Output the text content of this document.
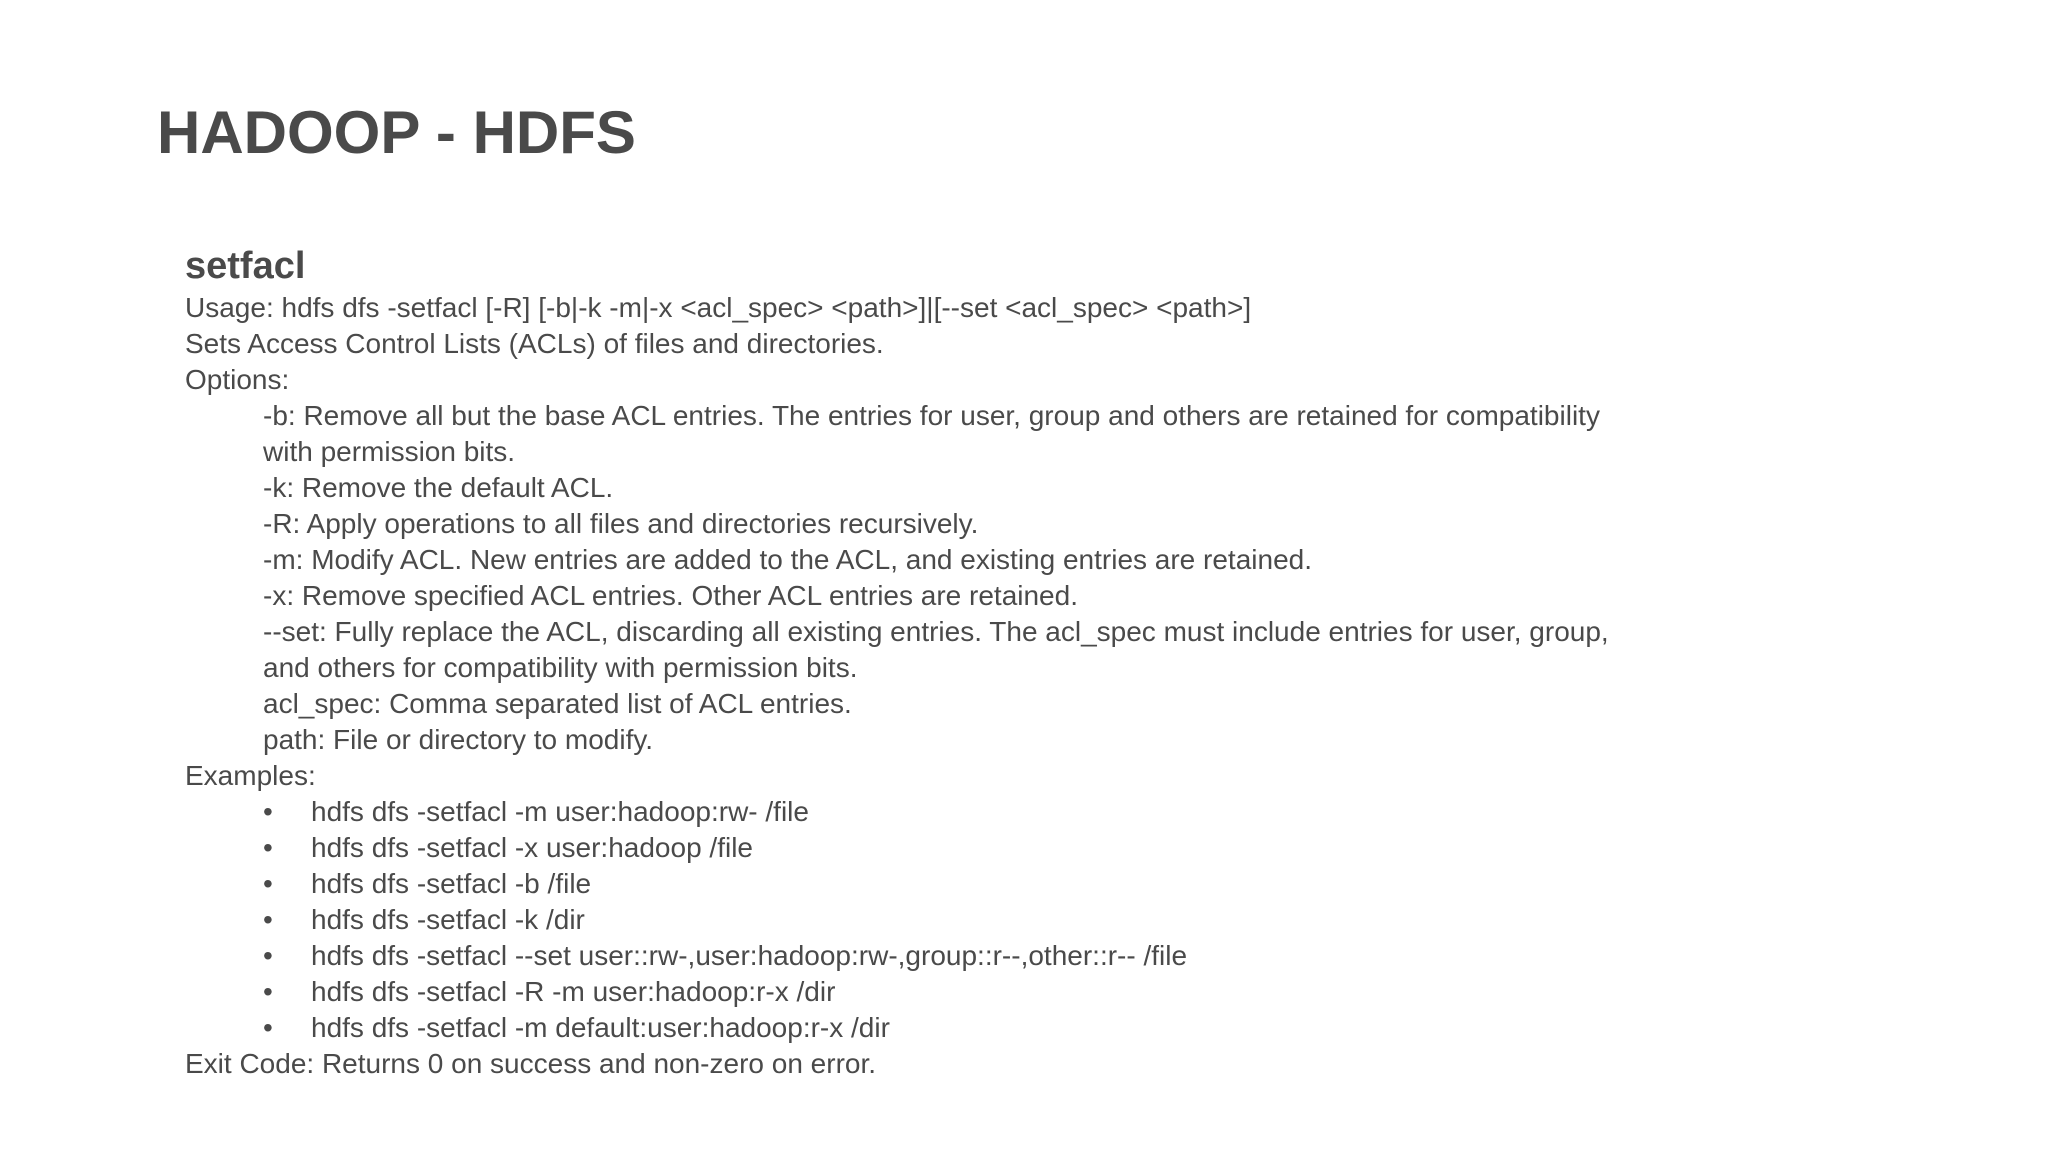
HADOOP - HDFS
setfacl
Usage: hdfs dfs -setfacl [-R] [-b|-k -m|-x <acl_spec> <path>]|[--set <acl_spec> <path>]
Sets Access Control Lists (ACLs) of files and directories.
Options:
-b: Remove all but the base ACL entries. The entries for user, group and others are retained for compatibility
with permission bits.
-k: Remove the default ACL.
-R: Apply operations to all files and directories recursively.
-m: Modify ACL. New entries are added to the ACL, and existing entries are retained.
-x: Remove specified ACL entries. Other ACL entries are retained.
--set: Fully replace the ACL, discarding all existing entries. The acl_spec must include entries for user, group,
and others for compatibility with permission bits.
acl_spec: Comma separated list of ACL entries.
path: File or directory to modify.
Examples:
•	hdfs dfs -setfacl -m user:hadoop:rw- /file
•	hdfs dfs -setfacl -x user:hadoop /file
•	hdfs dfs -setfacl -b /file
•	hdfs dfs -setfacl -k /dir
•	hdfs dfs -setfacl --set user::rw-,user:hadoop:rw-,group::r--,other::r-- /file
•	hdfs dfs -setfacl -R -m user:hadoop:r-x /dir
•	hdfs dfs -setfacl -m default:user:hadoop:r-x /dir
Exit Code: Returns 0 on success and non-zero on error.
